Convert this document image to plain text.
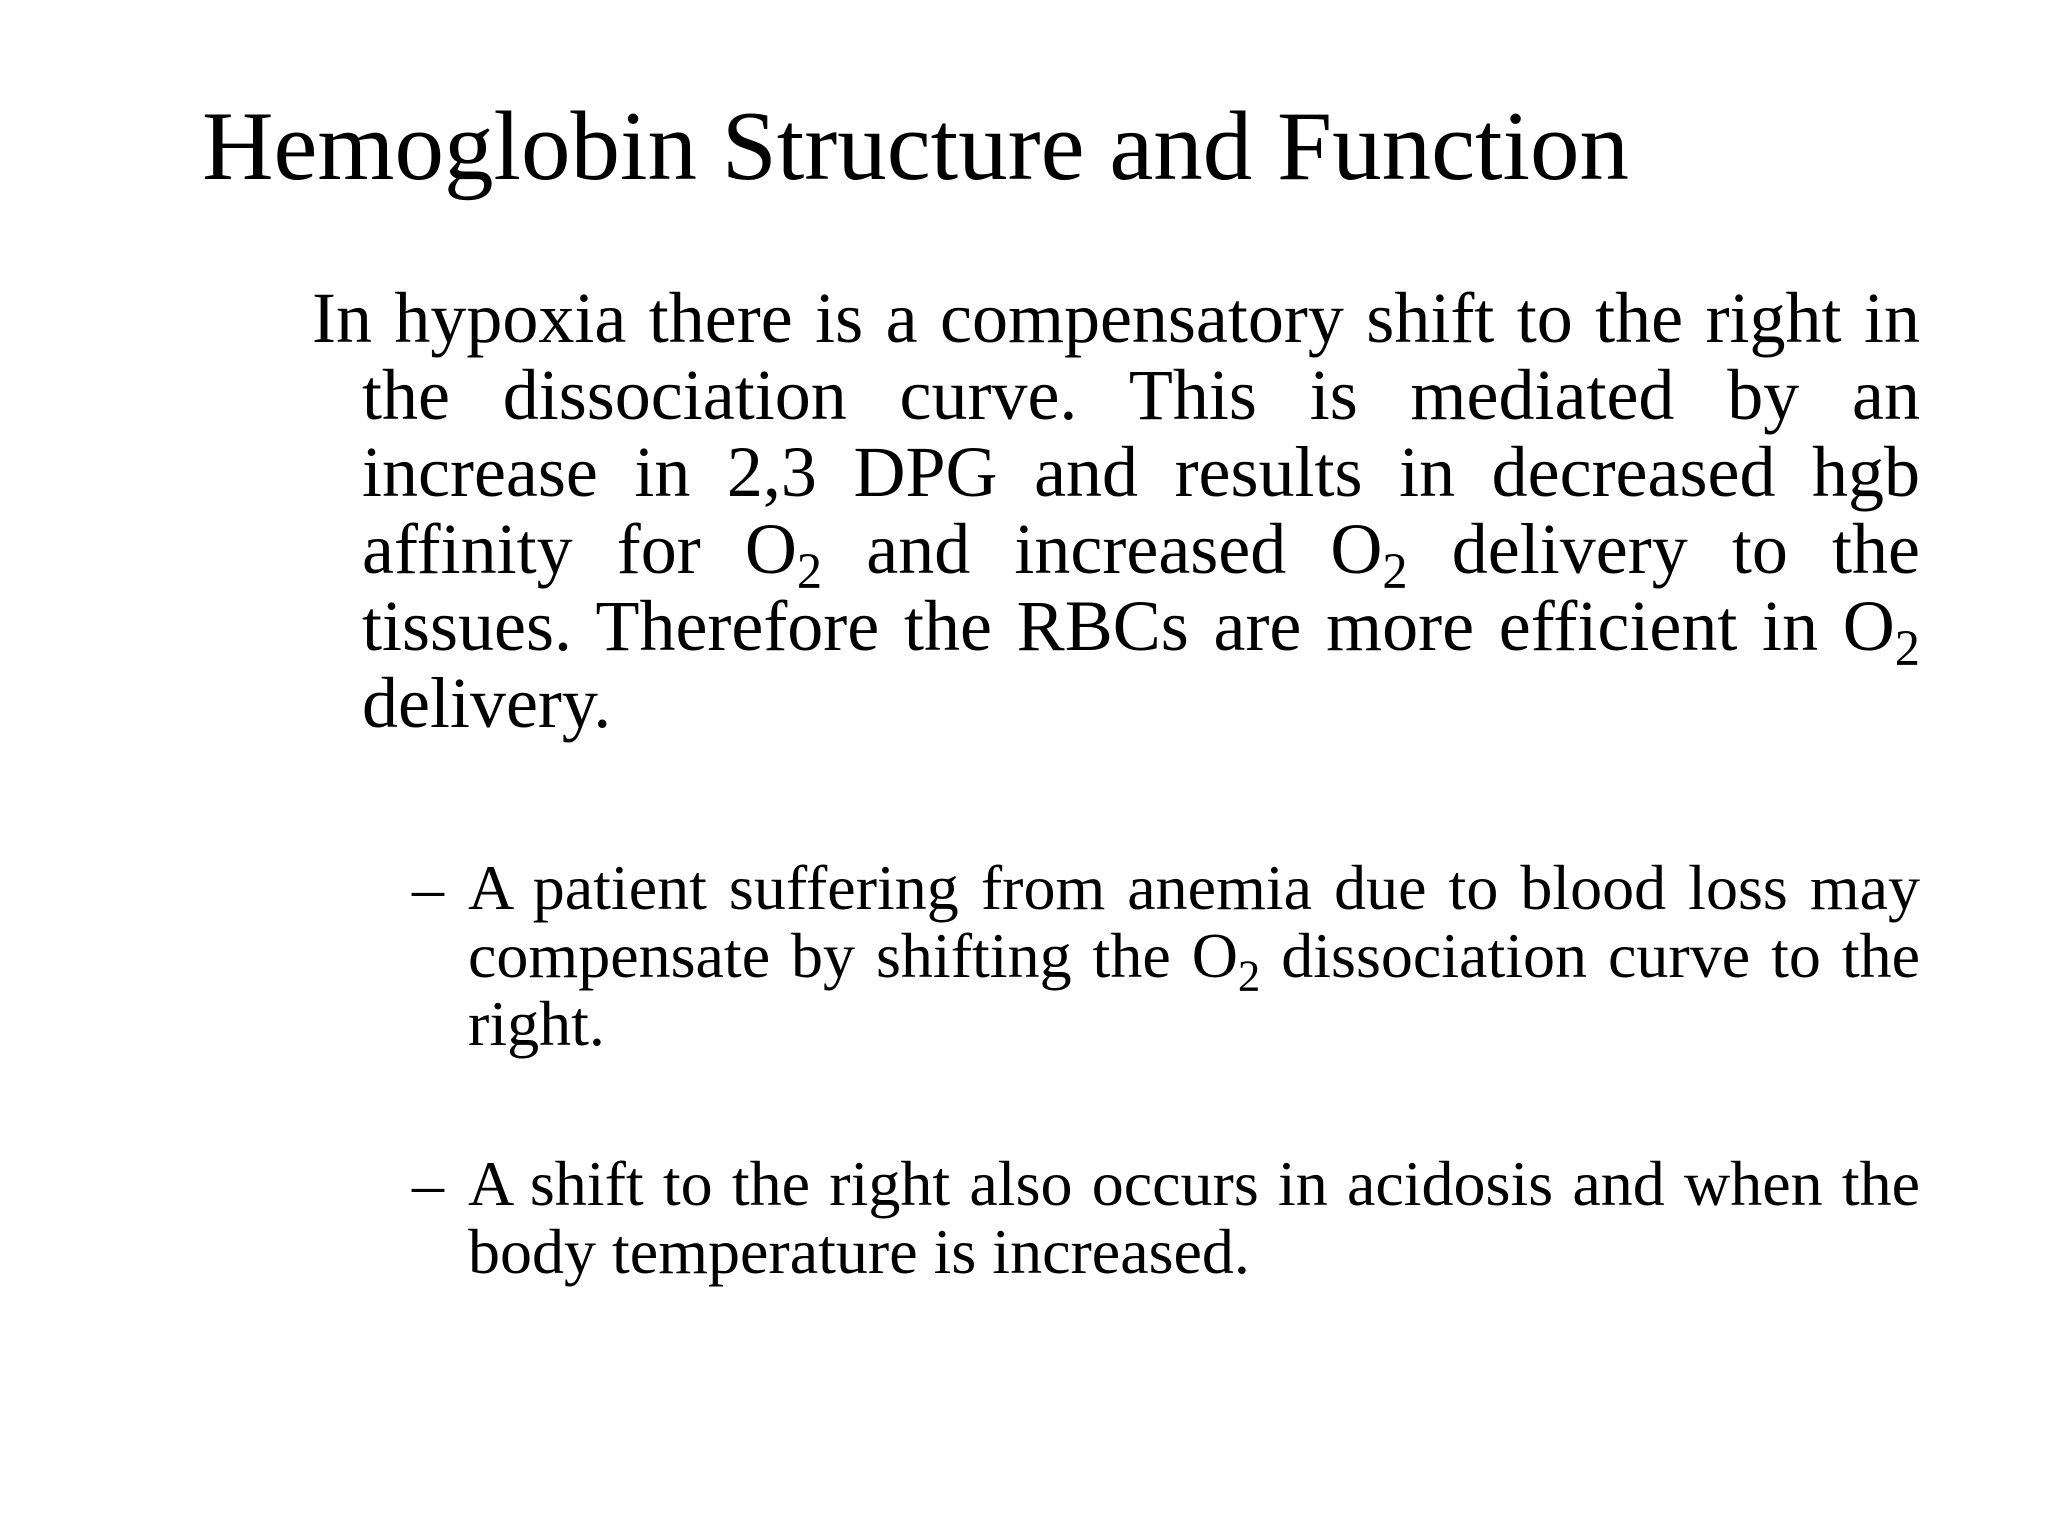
Hemoglobin Structure and Function

In hypoxia there is a compensatory shift to the right in the dissociation curve. This is mediated by an increase in 2,3 DPG and results in decreased hgb affinity for $O_2$ and increased $O_2$ delivery to the tissues. Therefore the RBCs are more efficient in $O_2$ delivery.

– A patient suffering from anemia due to blood loss may compensate by shifting the $O_2$ dissociation curve to the right.

– A shift to the right also occurs in acidosis and when the body temperature is increased.
